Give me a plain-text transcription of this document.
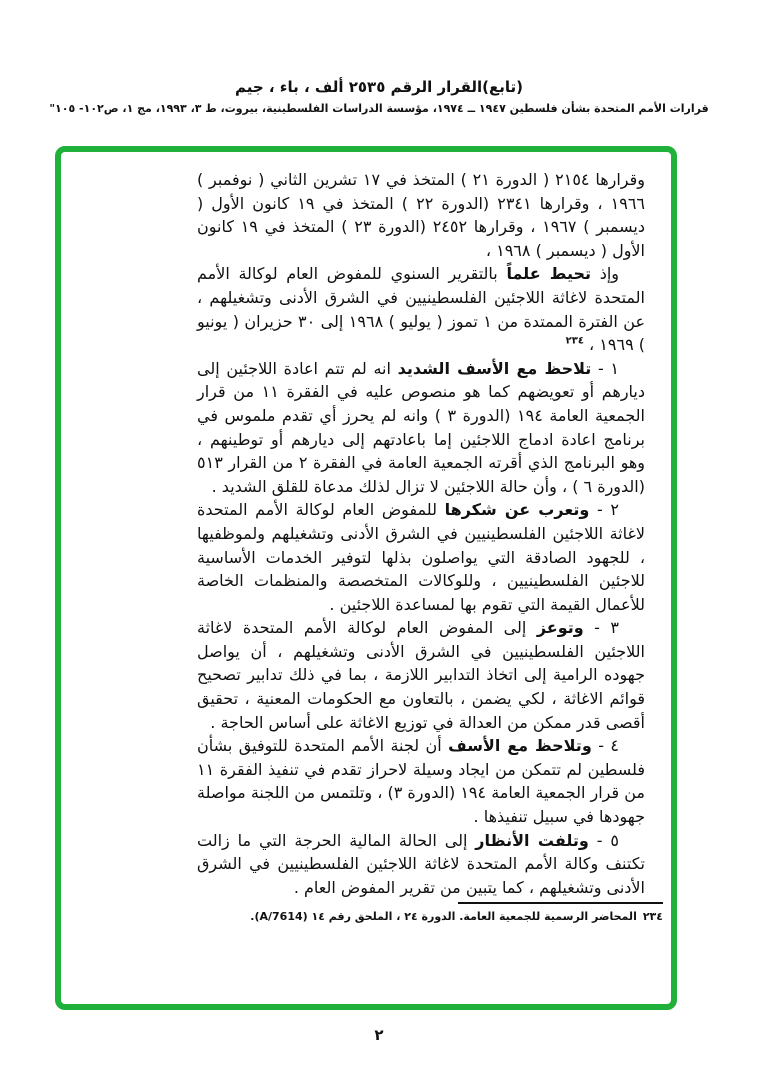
(تابع)القرار الرقم ٢٥٣٥ ألف ، باء ، جيم

قرارات الأمم المتحدة بشأن فلسطين ١٩٤٧ ــ ١٩٧٤، مؤسسة الدراسات الفلسطينية، بيروت، ط ٣، ١٩٩٣، مج ١، ص١٠٢- ١٠٥"

وقرارها ٢١٥٤ ( الدورة ٢١ ) المتخذ في ١٧ تشرين الثاني ( نوفمبر ) ١٩٦٦ ، وقرارها ٢٣٤١ (الدورة ٢٢ ) المتخذ في ١٩ كانون الأول ( ديسمبر ) ١٩٦٧ ، وقرارها ٢٤٥٢ (الدورة ٢٣ ) المتخذ في ١٩ كانون الأول ( ديسمبر ) ١٩٦٨ ،

وإذ تحيط علماً بالتقرير السنوي للمفوض العام لوكالة الأمم المتحدة لاغاثة اللاجئين الفلسطينيين في الشرق الأدنى وتشغيلهم ، عن الفترة الممتدة من ١ تموز ( يوليو ) ١٩٦٨ إلى ٣٠ حزيران ( يونيو ) ١٩٦٩ ، $^{٢٣٤}$

١ - تلاحظ مع الأسف الشديد انه لم تتم اعادة اللاجئين إلى ديارهم أو تعويضهم كما هو منصوص عليه في الفقرة ١١ من قرار الجمعية العامة ١٩٤ (الدورة ٣ ) وانه لم يحرز أي تقدم ملموس في برنامج اعادة ادماج اللاجئين إما باعادتهم إلى ديارهم أو توطينهم ، وهو البرنامج الذي أقرته الجمعية العامة في الفقرة ٢ من القرار ٥١٣ (الدورة ٦ ) ، وأن حالة اللاجئين لا تزال لذلك مدعاة للقلق الشديد .

٢ - وتعرب عن شكرها للمفوض العام لوكالة الأمم المتحدة لاغاثة اللاجئين الفلسطينيين في الشرق الأدنى وتشغيلهم ولموظفيها ، للجهود الصادقة التي يواصلون بذلها لتوفير الخدمات الأساسية للاجئين الفلسطينيين ، وللوكالات المتخصصة والمنظمات الخاصة للأعمال القيمة التي تقوم بها لمساعدة اللاجئين .

٣ - وتوعز إلى المفوض العام لوكالة الأمم المتحدة لاغاثة اللاجئين الفلسطينيين في الشرق الأدنى وتشغيلهم ، أن يواصل جهوده الرامية إلى اتخاذ التدابير اللازمة ، بما في ذلك تدابير تصحيح قوائم الاغاثة ، لكي يضمن ، بالتعاون مع الحكومات المعنية ، تحقيق أقصى قدر ممكن من العدالة في توزيع الاغاثة على أساس الحاجة .

٤ - وتلاحظ مع الأسف أن لجنة الأمم المتحدة للتوفيق بشأن فلسطين لم تتمكن من ايجاد وسيلة لاحراز تقدم في تنفيذ الفقرة ١١ من قرار الجمعية العامة ١٩٤ (الدورة ٣) ، وتلتمس من اللجنة مواصلة جهودها في سبيل تنفيذها .

٥ - وتلفت الأنظار إلى الحالة المالية الحرجة التي ما زالت تكتنف وكالة الأمم المتحدة لاغاثة اللاجئين الفلسطينيين في الشرق الأدنى وتشغيلهم ، كما يتبين من تقرير المفوض العام .

٢٣٤المحاضر الرسمية للجمعية العامة. الدورة ٢٤ ، الملحق رقم ١٤ (A/7614).
٢
